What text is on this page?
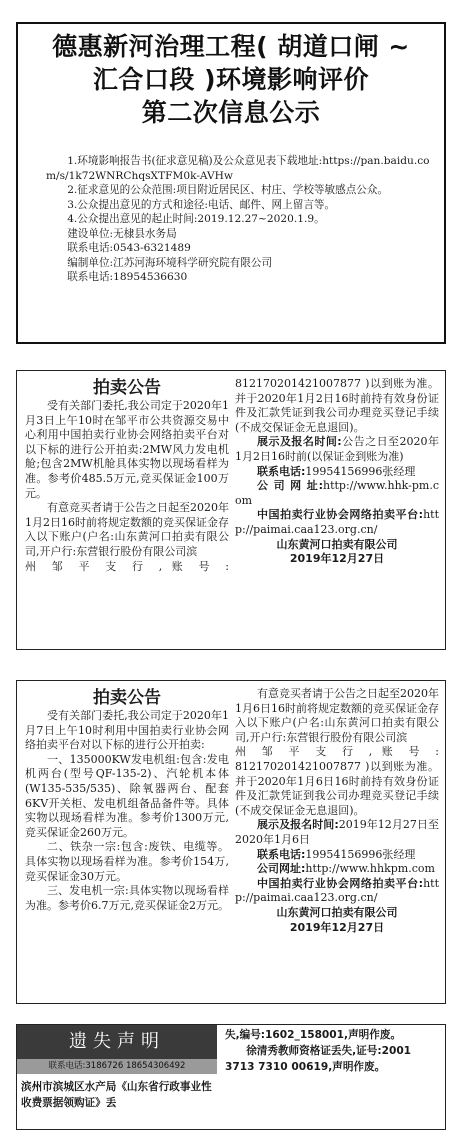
德惠新河治理工程( 胡道口闸 ~
汇合口段 )环境影响评价
第二次信息公示

1.环境影响报告书(征求意见稿)及公众意见表下载地址:https://pan.baidu.com/s/1k72WNRChqsXTFM0k-AVHw

2.征求意见的公众范围:项目附近居民区、村庄、学校等敏感点公众。

3.公众提出意见的方式和途径:电话、邮件、网上留言等。

4.公众提出意见的起止时间:2019.12.27~2020.1.9。

建设单位:无棣县水务局

联系电话:0543-6321489

编制单位:江苏河海环境科学研究院有限公司

联系电话:18954536630

拍卖公告

受有关部门委托,我公司定于2020年1月3日上午10时在邹平市公共资源交易中心利用中国拍卖行业协会网络拍卖平台对以下标的进行公开拍卖:2MW风力发电机舱;包含2MW机舱具体实物以现场看样为准。参考价485.5万元,竞买保证金100万元。

有意竞买者请于公告之日起至2020年1月2日16时前将规定数额的竞买保证金存入以下账户(户名:山东黄河口拍卖有限公司,开户行:东营银行股份有限公司滨

州 邹 平 支 行 , 账 号 :

812170201421007877 )以到账为准。并于2020年1月2日16时前持有效身份证件及汇款凭证到我公司办理竞买登记手续(不成交保证金无息退回)。

展示及报名时间:公告之日至2020年1月2日16时前(以保证金到账为准)

联系电话:19954156996张经理

公 司 网 址:http://www.hhk-pm.com

中国拍卖行业协会网络拍卖平台:http://paimai.caa123.org.cn/

山东黄河口拍卖有限公司
2019年12月27日
拍卖公告

受有关部门委托,我公司定于2020年1月7日上午10时利用中国拍卖行业协会网络拍卖平台对以下标的进行公开拍卖:

一、135000KW发电机组:包含:发电机两台(型号QF-135-2)、汽轮机本体(W135-535/535)、除氧器两台、配套6KV开关柜、发电机组备品备件等。具体实物以现场看样为准。参考价1300万元,竞买保证金260万元。

二、铁杂一宗:包含:废铁、电缆等。具体实物以现场看样为准。参考价154万,竞买保证金30万元。

三、发电机一宗:具体实物以现场看样为准。参考价6.7万元,竞买保证金2万元。

有意竞买者请于公告之日起至2020年1月6日16时前将规定数额的竞买保证金存入以下账户(户名:山东黄河口拍卖有限公司,开户行:东营银行股份有限公司滨

州 邹 平 支 行 , 账 号 :

812170201421007877 )以到账为准。并于2020年1月6日16时前持有效身份证件及汇款凭证到我公司办理竞买登记手续(不成交保证金无息退回)。

展示及报名时间:2019年12月27日至2020年1月6日

联系电话:19954156996张经理

公司网址:http://www.hhkpm.com

中国拍卖行业协会网络拍卖平台:http://paimai.caa123.org.cn/

山东黄河口拍卖有限公司
2019年12月27日
遗失声明
联系电话:3186726 18654306492
滨州市滨城区水产局《山东省行政事业性收费票据领购证》丢

失,编号:1602_158001,声明作废。

徐清秀教师资格证丢失,证号:2001 3713 7310 00619,声明作废。
